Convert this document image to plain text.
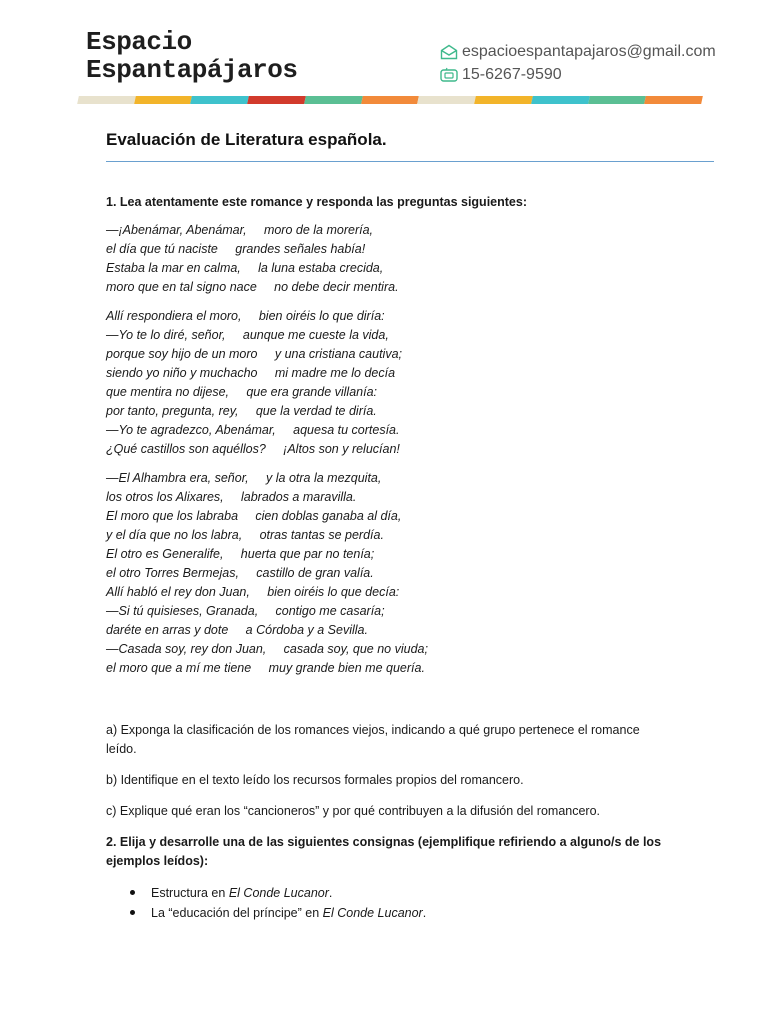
Espacio
Espantapájaros
espacioespantapajaros@gmail.com
15-6267-9590
Evaluación de Literatura española.
1. Lea atentamente este romance y responda las preguntas siguientes:
—¡Abenámar, Abenámar,     moro de la morería,
el día que tú naciste     grandes señales había!
Estaba la mar en calma,     la luna estaba crecida,
moro que en tal signo nace     no debe decir mentira.
Allí respondiera el moro,     bien oiréis lo que diría:
—Yo te lo diré, señor,     aunque me cueste la vida,
porque soy hijo de un moro     y una cristiana cautiva;
siendo yo niño y muchacho     mi madre me lo decía
que mentira no dijese,     que era grande villanía:
por tanto, pregunta, rey,     que la verdad te diría.
—Yo te agradezco, Abenámar,     aquesa tu cortesía.
¿Qué castillos son aquéllos?     ¡Altos son y relucían!
—El Alhambra era, señor,     y la otra la mezquita,
los otros los Alixares,     labrados a maravilla.
El moro que los labraba     cien doblas ganaba al día,
y el día que no los labra,     otras tantas se perdía.
El otro es Generalife,     huerta que par no tenía;
el otro Torres Bermejas,     castillo de gran valía.
Allí habló el rey don Juan,     bien oiréis lo que decía:
—Si tú quisieses, Granada,     contigo me casaría;
daréte en arras y dote     a Córdoba y a Sevilla.
—Casada soy, rey don Juan,     casada soy, que no viuda;
el moro que a mí me tiene     muy grande bien me quería.
a) Exponga la clasificación de los romances viejos, indicando a qué grupo pertenece el romance leído.
b) Identifique en el texto leído los recursos formales propios del romancero.
c) Explique qué eran los “cancioneros” y por qué contribuyen a la difusión del romancero.
2. Elija y desarrolle una de las siguientes consignas (ejemplifique refiriendo a alguno/s de los ejemplos leídos):
Estructura en El Conde Lucanor.
La “educación del príncipe” en El Conde Lucanor.
